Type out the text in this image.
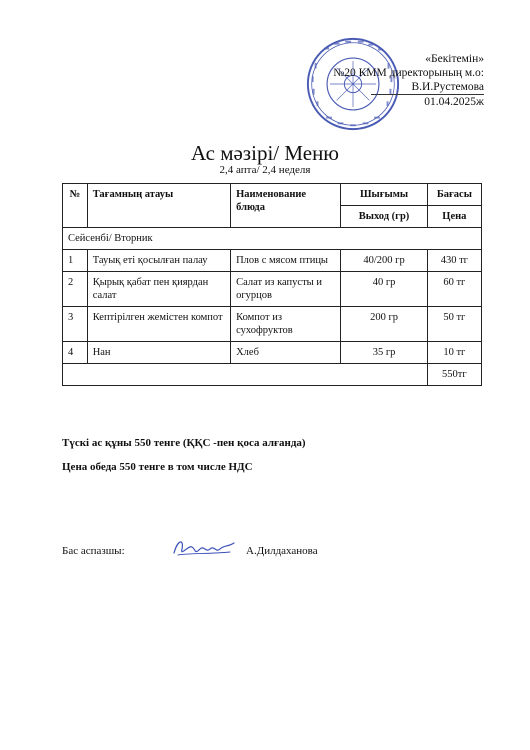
«Бекітемін»
№20 КММ директорының м.о:
В.И.Рустемова
01.04.2025ж
Ас мәзірі/ Меню
2,4 апта/ 2,4 неделя
№	Тағамның атауы	Наименование блюда	Шығымы	Бағасы
			Выход (гр)	Цена
Сейсенбі/ Вторник				
1	Тауық еті қосылған палау	Плов с мясом птицы	40/200 гр	430 тг
2	Қырық қабат пен қиярдан салат	Салат из капусты и огурцов	40 гр	60 тг
3	Кептірілген жемістен компот	Компот из сухофруктов	200 гр	50 тг
4	Нан	Хлеб	35 гр	10 тг
				550тг
Түскі ас құны 550 тенге (ҚҚС -пен қоса алғанда)
Цена обеда 550 тенге в том числе НДС
Бас аспазшы:	А.Дилдаханова
